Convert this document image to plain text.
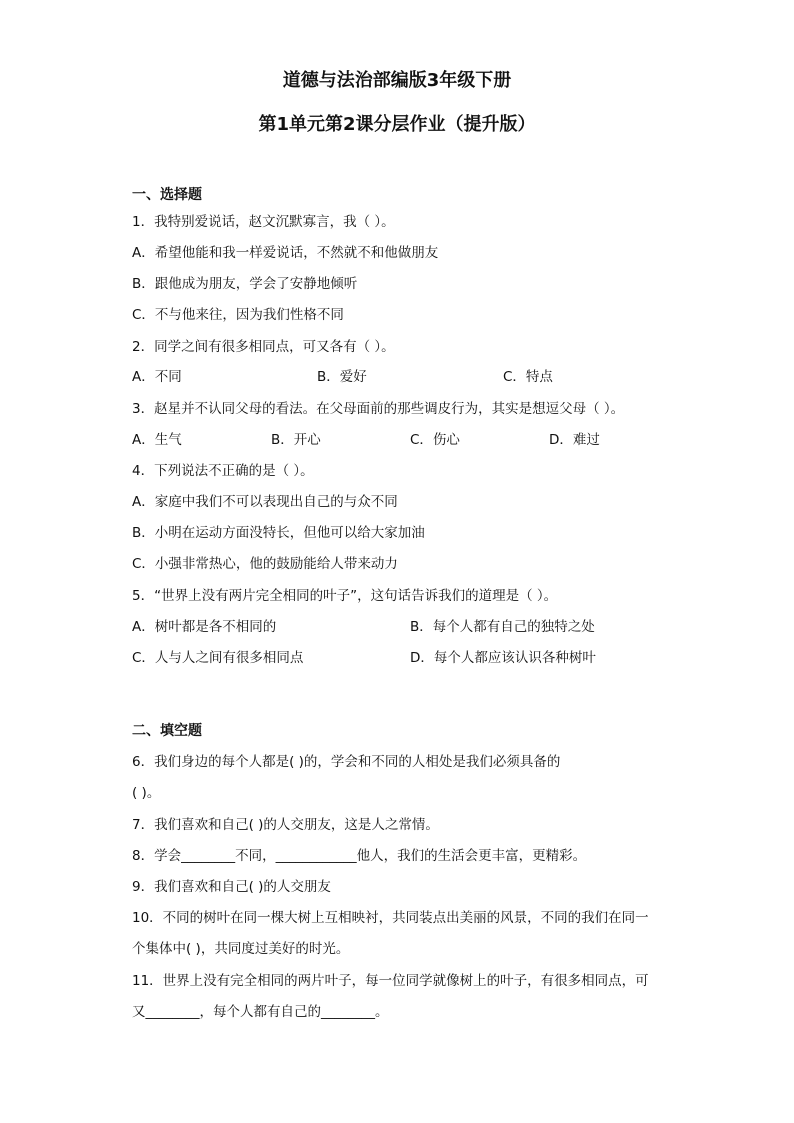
道德与法治部编版3年级下册
第1单元第2课分层作业（提升版）
一、选择题
1．我特别爱说话，赵文沉默寡言，我（ ）。
A．希望他能和我一样爱说话，不然就不和他做朋友
B．跟他成为朋友，学会了安静地倾听
C．不与他来往，因为我们性格不同
2．同学之间有很多相同点，可又各有（ ）。
A．不同	B．爱好	C．特点
3．赵星并不认同父母的看法。在父母面前的那些调皮行为，其实是想逗父母（ ）。
A．生气	B．开心	C．伤心	D．难过
4．下列说法不正确的是（ ）。
A．家庭中我们不可以表现出自己的与众不同
B．小明在运动方面没特长，但他可以给大家加油
C．小强非常热心，他的鼓励能给人带来动力
5．“世界上没有两片完全相同的叶子”，这句话告诉我们的道理是（ ）。
A．树叶都是各不相同的	B．每个人都有自己的独特之处
C．人与人之间有很多相同点	D．每个人都应该认识各种树叶
二、填空题
6．我们身边的每个人都是( )的，学会和不同的人相处是我们必须具备的
( )。
7．我们喜欢和自己( )的人交朋友，这是人之常情。
8．学会________不同，____________他人，我们的生活会更丰富，更精彩。
9．我们喜欢和自己( )的人交朋友
10．不同的树叶在同一棵大树上互相映衬，共同装点出美丽的风景，不同的我们在同一
个集体中( )，共同度过美好的时光。
11．世界上没有完全相同的两片叶子，每一位同学就像树上的叶子，有很多相同点，可
又________，每个人都有自己的________。
